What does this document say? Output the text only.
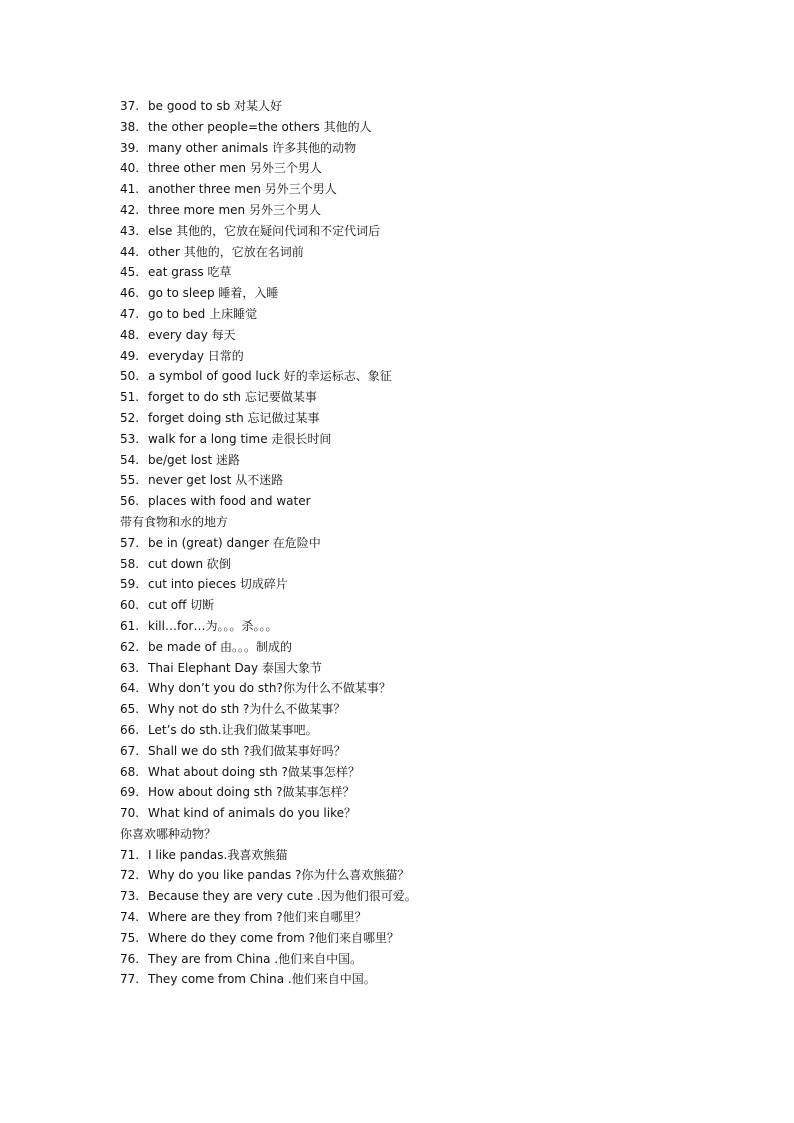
37. be good to sb 对某人好
38. the other people=the others 其他的人
39. many other animals 许多其他的动物
40. three other men 另外三个男人
41. another three men 另外三个男人
42. three more men 另外三个男人
43. else 其他的，它放在疑问代词和不定代词后
44. other 其他的，它放在名词前
45. eat grass 吃草
46. go to sleep 睡着，入睡
47. go to bed 上床睡觉
48. every day 每天
49. everyday 日常的
50. a symbol of good luck 好的幸运标志、象征
51. forget to do sth 忘记要做某事
52. forget doing sth 忘记做过某事
53. walk for a long time 走很长时间
54. be/get lost 迷路
55. never get lost 从不迷路
56. places with food and water
带有食物和水的地方
57. be in (great) danger 在危险中
58. cut down 砍倒
59. cut into pieces 切成碎片
60. cut off 切断
61. kill…for…为。。。杀。。。
62. be made of 由。。。制成的
63. Thai Elephant Day 泰国大象节
64. Why don’t you do sth?你为什么不做某事？
65. Why not do sth ?为什么不做某事？
66. Let’s do sth.让我们做某事吧。
67. Shall we do sth ?我们做某事好吗？
68. What about doing sth ?做某事怎样？
69. How about doing sth ?做某事怎样？
70. What kind of animals do you like？
你喜欢哪种动物？
71. I like pandas.我喜欢熊猫
72. Why do you like pandas ?你为什么喜欢熊猫？
73. Because they are very cute .因为他们很可爱。
74. Where are they from ?他们来自哪里？
75. Where do they come from ?他们来自哪里？
76. They are from China .他们来自中国。
77. They come from China .他们来自中国。
